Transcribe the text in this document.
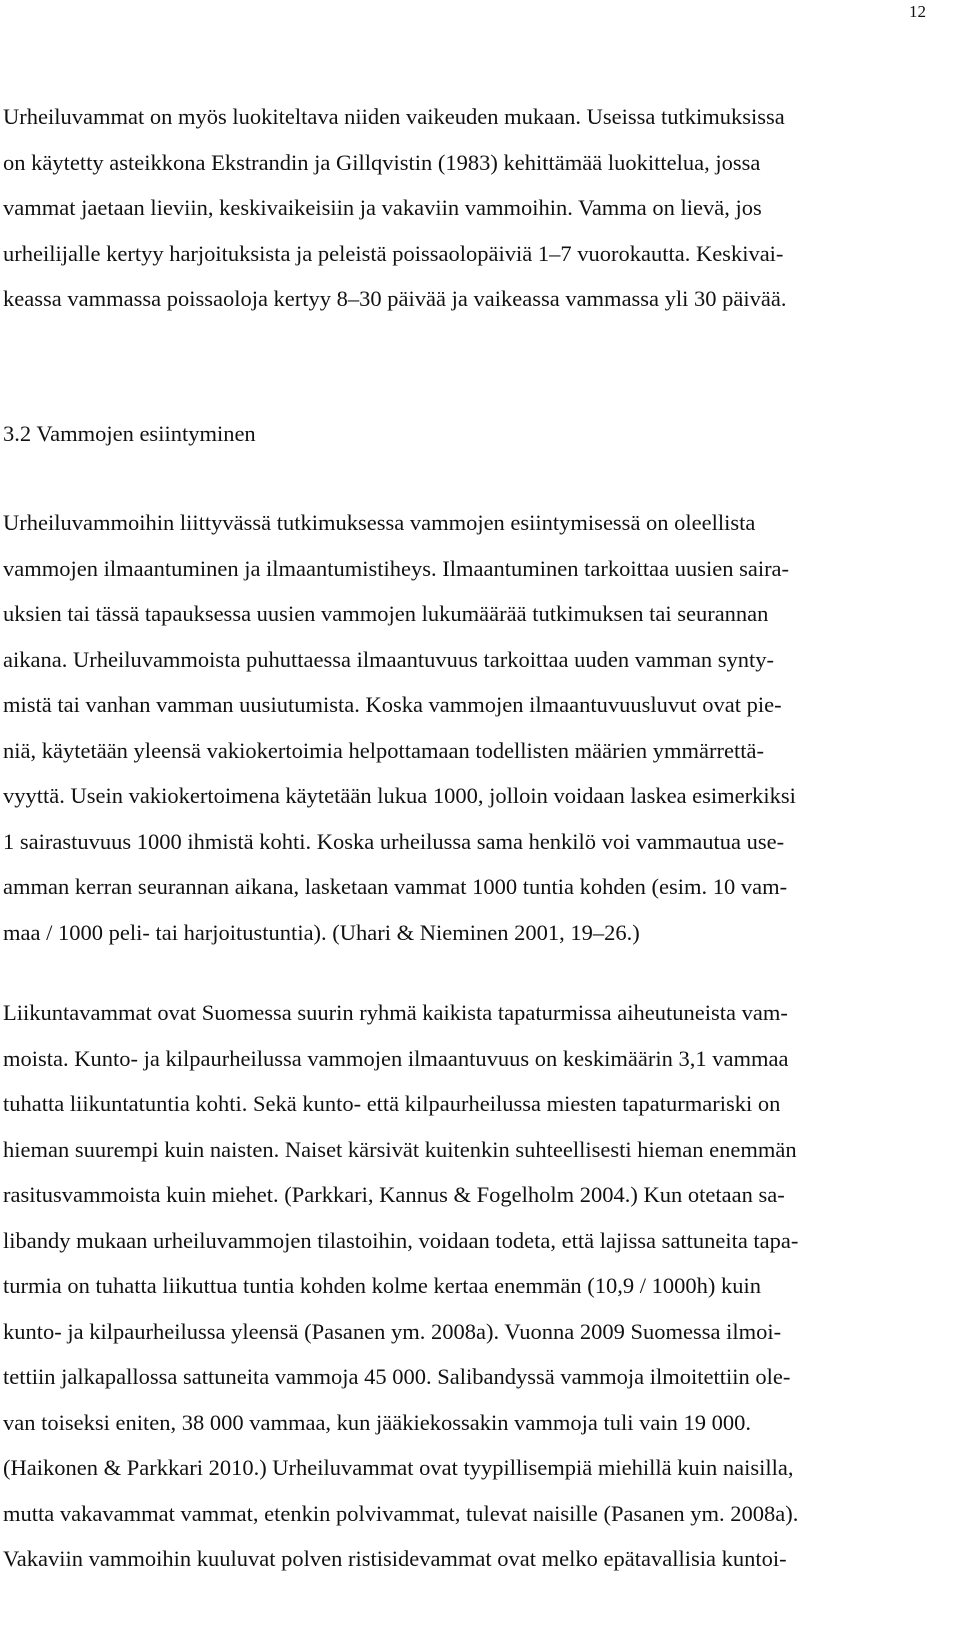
12
Urheiluvammat on myös luokiteltava niiden vaikeuden mukaan. Useissa tutkimuksissa
on käytetty asteikkona Ekstrandin ja Gillqvistin (1983) kehittämää luokittelua, jossa
vammat jaetaan lieviin, keskivaikeisiin ja vakaviin vammoihin. Vamma on lievä, jos
urheilijalle kertyy harjoituksista ja peleistä poissaolopäiviä 1–7 vuorokautta. Keskivai-
keassa vammassa poissaoloja kertyy 8–30 päivää ja vaikeassa vammassa yli 30 päivää.
3.2 Vammojen esiintyminen
Urheiluvammoihin liittyvässä tutkimuksessa vammojen esiintymisessä on oleellista
vammojen ilmaantuminen ja ilmaantumistiheys. Ilmaantuminen tarkoittaa uusien saira-
uksien tai tässä tapauksessa uusien vammojen lukumäärää tutkimuksen tai seurannan
aikana. Urheiluvammoista puhuttaessa ilmaantuvuus tarkoittaa uuden vamman synty-
mistä tai vanhan vamman uusiutumista. Koska vammojen ilmaantuvuusluvut ovat pie-
niä, käytetään yleensä vakiokertoimia helpottamaan todellisten määrien ymmärrettä-
vyyttä. Usein vakiokertoimena käytetään lukua 1000, jolloin voidaan laskea esimerkiksi
1 sairastuvuus 1000 ihmistä kohti. Koska urheilussa sama henkilö voi vammautua use-
amman kerran seurannan aikana, lasketaan vammat 1000 tuntia kohden (esim. 10 vam-
maa / 1000 peli- tai harjoitustuntia). (Uhari & Nieminen 2001, 19–26.)
Liikuntavammat ovat Suomessa suurin ryhmä kaikista tapaturmissa aiheutuneista vam-
moista. Kunto- ja kilpaurheilussa vammojen ilmaantuvuus on keskimäärin 3,1 vammaa
tuhatta liikuntatuntia kohti. Sekä kunto- että kilpaurheilussa miesten tapaturmariski on
hieman suurempi kuin naisten. Naiset kärsivät kuitenkin suhteellisesti hieman enemmän
rasitusvammoista kuin miehet. (Parkkari, Kannus & Fogelholm 2004.) Kun otetaan sa-
libandy mukaan urheiluvammojen tilastoihin, voidaan todeta, että lajissa sattuneita tapa-
turmia on tuhatta liikuttua tuntia kohden kolme kertaa enemmän (10,9 / 1000h) kuin
kunto- ja kilpaurheilussa yleensä (Pasanen ym. 2008a). Vuonna 2009 Suomessa ilmoi-
tettiin jalkapallossa sattuneita vammoja 45 000. Salibandyssä vammoja ilmoitettiin ole-
van toiseksi eniten, 38 000 vammaa, kun jääkiekossakin vammoja tuli vain 19 000.
(Haikonen & Parkkari 2010.) Urheiluvammat ovat tyypillisempiä miehillä kuin naisilla,
mutta vakavammat vammat, etenkin polvivammat, tulevat naisille (Pasanen ym. 2008a).
Vakaviin vammoihin kuuluvat polven ristisidevammat ovat melko epätavallisia kuntoi-
